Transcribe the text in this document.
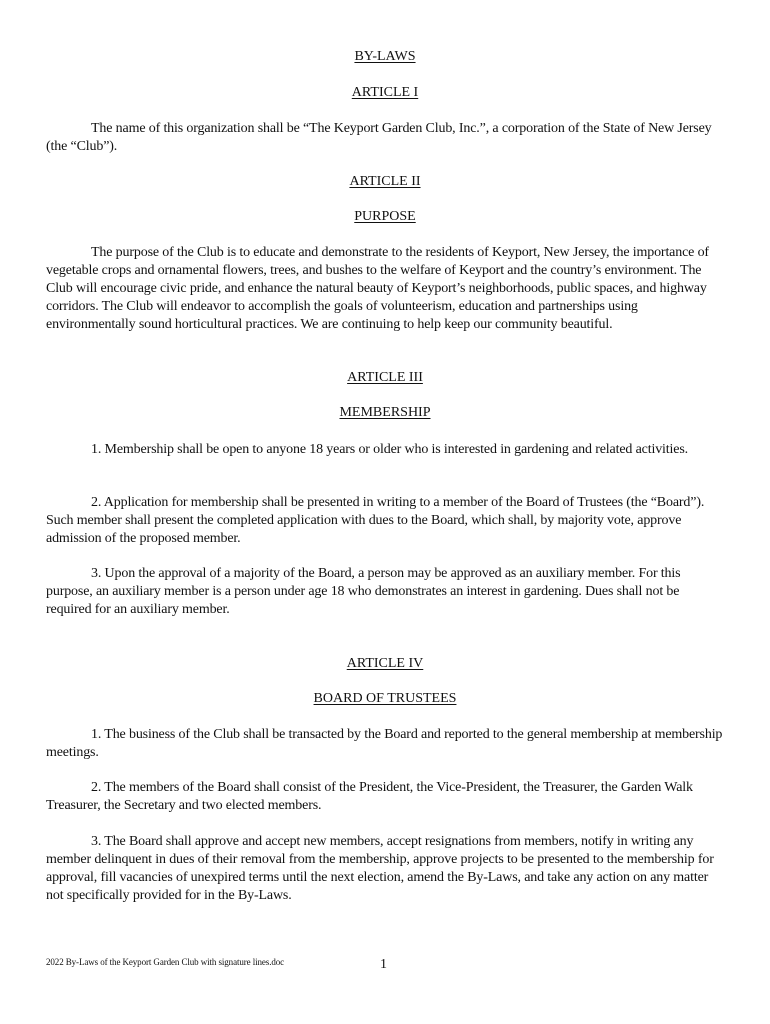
BY-LAWS
ARTICLE I

The name of this organization shall be “The Keyport Garden Club, Inc.”, a corporation of the State of New Jersey (the “Club”).

ARTICLE II
PURPOSE

The purpose of the Club is to educate and demonstrate to the residents of Keyport, New Jersey, the importance of vegetable crops and ornamental flowers, trees, and bushes to the welfare of Keyport and the country’s environment. The Club will encourage civic pride, and enhance the natural beauty of Keyport’s neighborhoods, public spaces, and highway corridors. The Club will endeavor to accomplish the goals of volunteerism, education and partnerships using environmentally sound horticultural practices. We are continuing to help keep our community beautiful.

ARTICLE III
MEMBERSHIP

1. Membership shall be open to anyone 18 years or older who is interested in gardening and related activities.

2. Application for membership shall be presented in writing to a member of the Board of Trustees (the “Board”). Such member shall present the completed application with dues to the Board, which shall, by majority vote, approve admission of the proposed member.

3. Upon the approval of a majority of the Board, a person may be approved as an auxiliary member. For this purpose, an auxiliary member is a person under age 18 who demonstrates an interest in gardening. Dues shall not be required for an auxiliary member.

ARTICLE IV
BOARD OF TRUSTEES

1. The business of the Club shall be transacted by the Board and reported to the general membership at membership meetings.

2. The members of the Board shall consist of the President, the Vice-President, the Treasurer, the Garden Walk Treasurer, the Secretary and two elected members.

3. The Board shall approve and accept new members, accept resignations from members, notify in writing any member delinquent in dues of their removal from the membership, approve projects to be presented to the membership for approval, fill vacancies of unexpired terms until the next election, amend the By-Laws, and take any action on any matter not specifically provided for in the By-Laws.

2022 By-Laws of the Keyport Garden Club with signature lines.doc	1
